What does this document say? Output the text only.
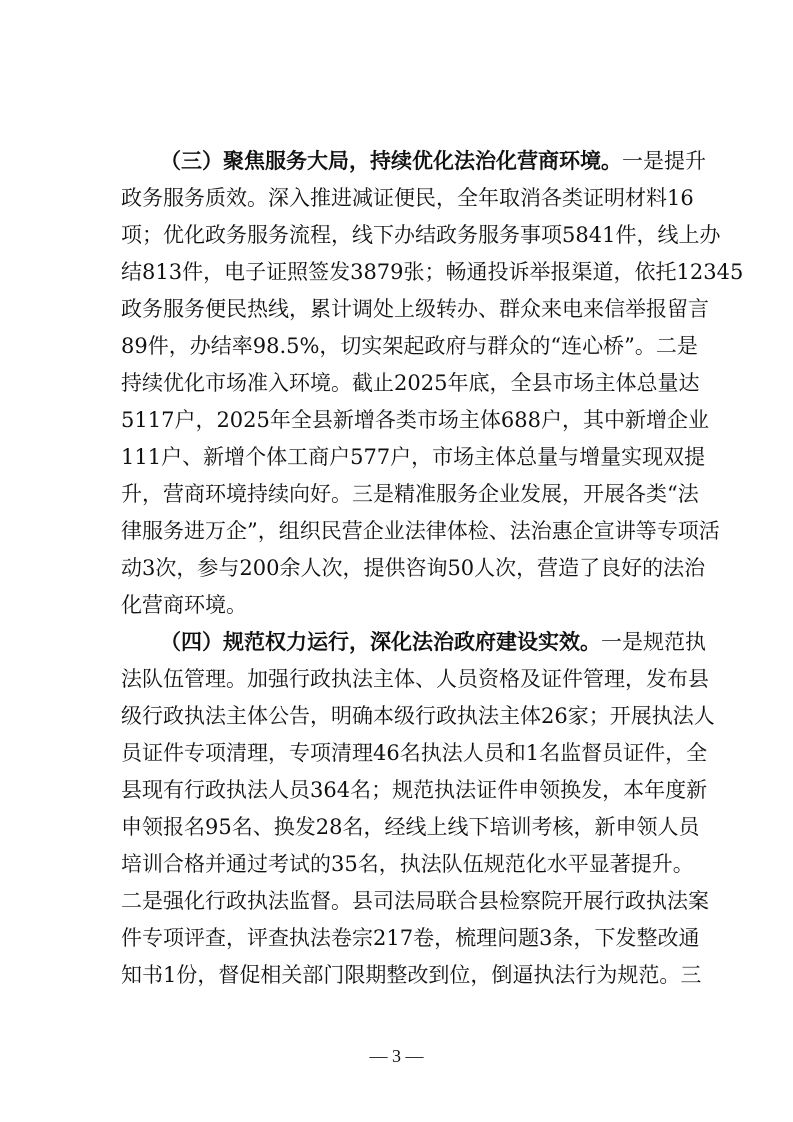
（三）聚焦服务大局，持续优化法治化营商环境。一是提升
政务服务质效。深入推进减证便民，全年取消各类证明材料16
项；优化政务服务流程，线下办结政务服务事项5841件，线上办
结813件，电子证照签发3879张；畅通投诉举报渠道，依托12345
政务服务便民热线，累计调处上级转办、群众来电来信举报留言
89件，办结率98.5%，切实架起政府与群众的“连心桥”。二是
持续优化市场准入环境。截止2025年底，全县市场主体总量达
5117户，2025年全县新增各类市场主体688户，其中新增企业
111户、新增个体工商户577户，市场主体总量与增量实现双提
升，营商环境持续向好。三是精准服务企业发展，开展各类“法
律服务进万企”，组织民营企业法律体检、法治惠企宣讲等专项活
动3次，参与200余人次，提供咨询50人次，营造了良好的法治
化营商环境。
（四）规范权力运行，深化法治政府建设实效。一是规范执
法队伍管理。加强行政执法主体、人员资格及证件管理，发布县
级行政执法主体公告，明确本级行政执法主体26家；开展执法人
员证件专项清理，专项清理46名执法人员和1名监督员证件，全
县现有行政执法人员364名；规范执法证件申领换发，本年度新
申领报名95名、换发28名，经线上线下培训考核，新申领人员
培训合格并通过考试的35名，执法队伍规范化水平显著提升。
二是强化行政执法监督。县司法局联合县检察院开展行政执法案
件专项评查，评查执法卷宗217卷，梳理问题3条，下发整改通
知书1份，督促相关部门限期整改到位，倒逼执法行为规范。三
— 3 —
